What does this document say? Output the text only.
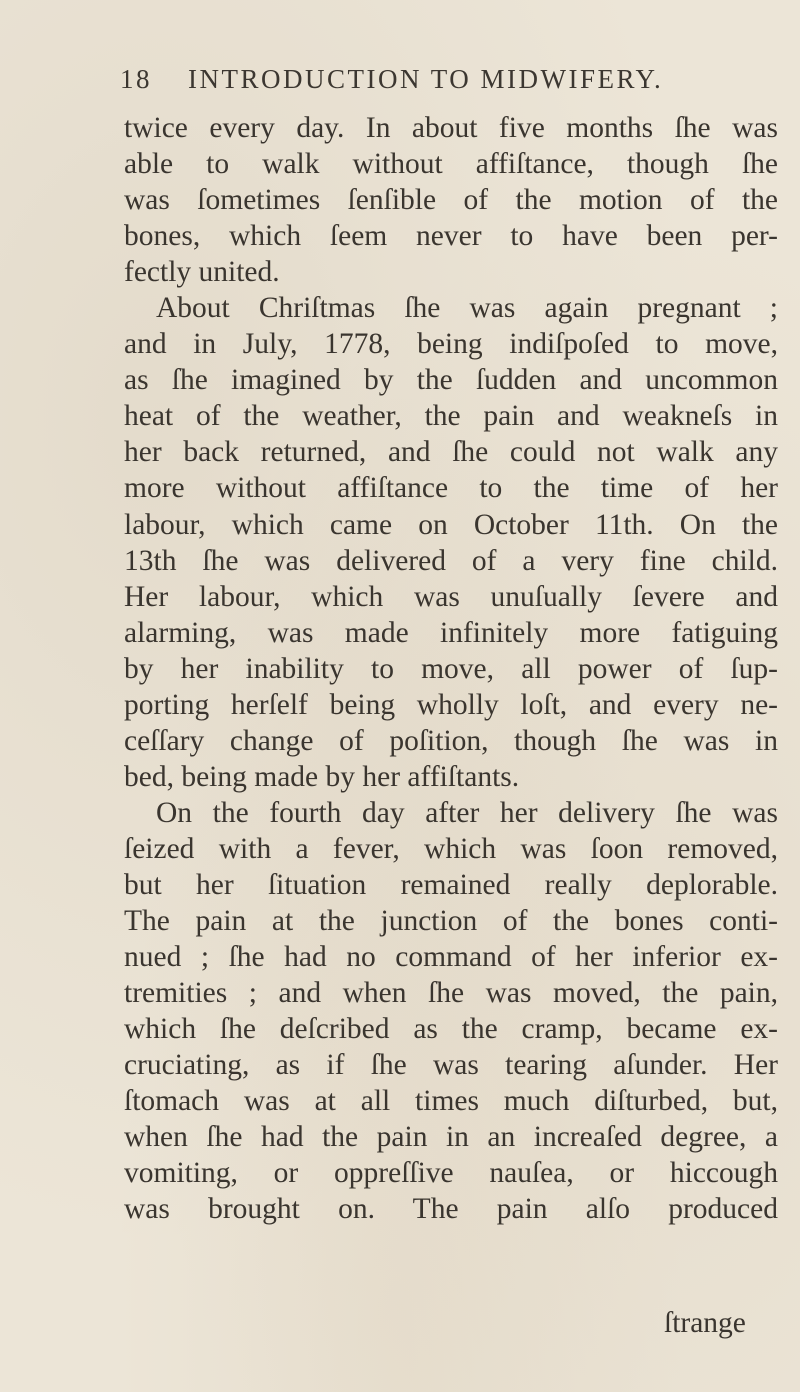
18 INTRODUCTION TO MIDWIFERY.
twice every day. In about five months ſhe was
able to walk without affiſtance, though ſhe
was ſometimes ſenſible of the motion of the
bones, which ſeem never to have been per-
fectly united.
About Chriſtmas ſhe was again pregnant ;
and in July, 1778, being indiſpoſed to move,
as ſhe imagined by the ſudden and uncommon
heat of the weather, the pain and weakneſs in
her back returned, and ſhe could not walk any
more without affiſtance to the time of her
labour, which came on October 11th. On the
13th ſhe was delivered of a very fine child.
Her labour, which was unuſually ſevere and
alarming, was made infinitely more fatiguing
by her inability to move, all power of ſup-
porting herſelf being wholly loſt, and every ne-
ceſſary change of poſition, though ſhe was in
bed, being made by her affiſtants.
On the fourth day after her delivery ſhe was
ſeized with a fever, which was ſoon removed,
but her ſituation remained really deplorable.
The pain at the junction of the bones conti-
nued ; ſhe had no command of her inferior ex-
tremities ; and when ſhe was moved, the pain,
which ſhe deſcribed as the cramp, became ex-
cruciating, as if ſhe was tearing aſunder. Her
ſtomach was at all times much diſturbed, but,
when ſhe had the pain in an increaſed degree, a
vomiting, or oppreſſive nauſea, or hiccough
was brought on. The pain alſo produced
ſtrange
